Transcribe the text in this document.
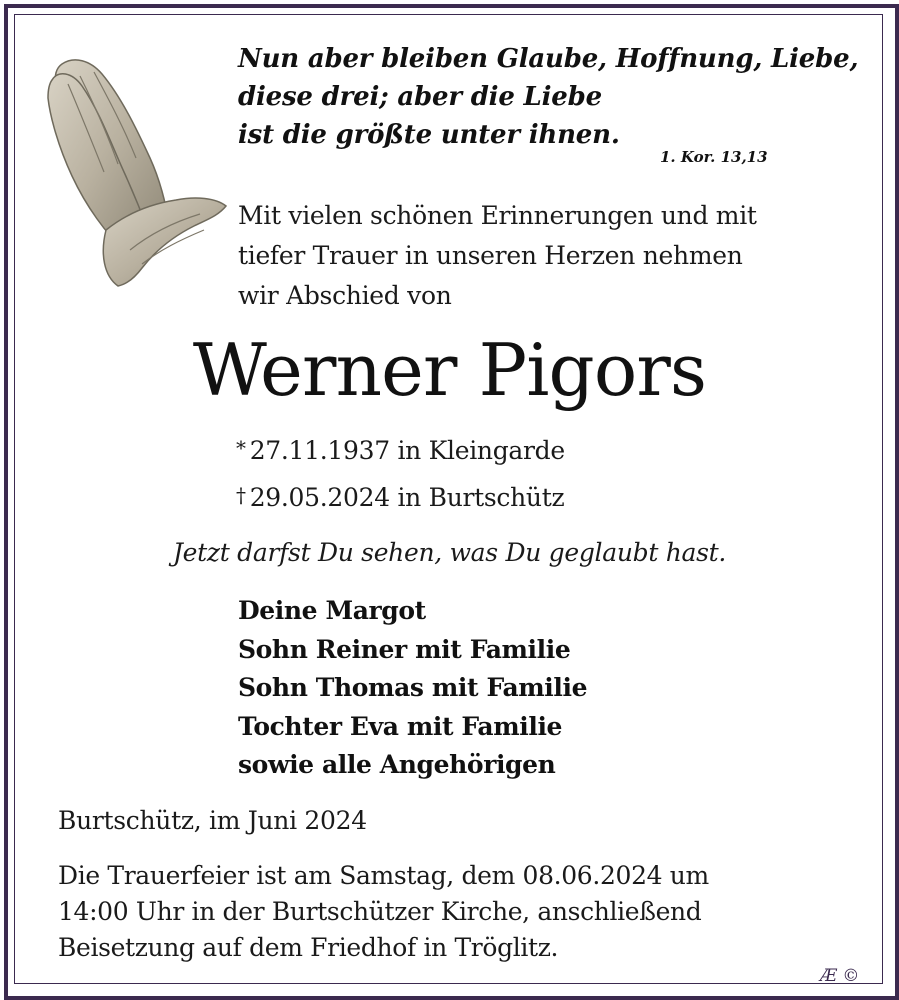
Nun aber bleiben Glaube, Hoffnung, Liebe,
diese drei; aber die Liebe
ist die größte unter ihnen.
1. Kor. 13,13
Mit vielen schönen Erinnerungen und mit
tiefer Trauer in unseren Herzen nehmen
wir Abschied von
Werner Pigors
* 27.11.1937 in Kleingarde
† 29.05.2024 in Burtschütz
Jetzt darfst Du sehen, was Du geglaubt hast.
Deine Margot
Sohn Reiner mit Familie
Sohn Thomas mit Familie
Tochter Eva mit Familie
sowie alle Angehörigen
Burtschütz, im Juni 2024
Die Trauerfeier ist am Samstag, dem 08.06.2024 um
14:00 Uhr in der Burtschützer Kirche, anschließend
Beisetzung auf dem Friedhof in Tröglitz.
Æ ©
